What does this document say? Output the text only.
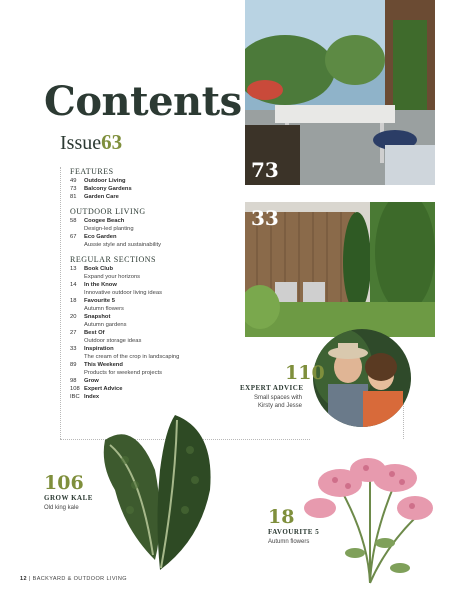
Contents
Issue63
FEATURES
49	Outdoor Living
73	Balcony Gardens
81	Garden Care
OUTDOOR LIVING
58	Coogee Beach
Design-led planting
67	Eco Garden
Aussie style and sustainability
REGULAR SECTIONS
13	Book Club
Expand your horizons
14	In the Know
Innovative outdoor living ideas
18	Favourite 5
Autumn flowers
20	Snapshot
Autumn gardens
27	Best Of
Outdoor storage ideas
33	Inspiration
The cream of the crop in landscaping
89	This Weekend
Products for weekend projects
98	Grow
108 Expert Advice
IBC Index
73
33
110
EXPERT ADVICE
Small spaces with
Kirsty and Jesse
106
GROW KALE
Old king kale	18
FAVOURITE 5
Autumn flowers
12 | BACKYARD & OUTDOOR LIVING
